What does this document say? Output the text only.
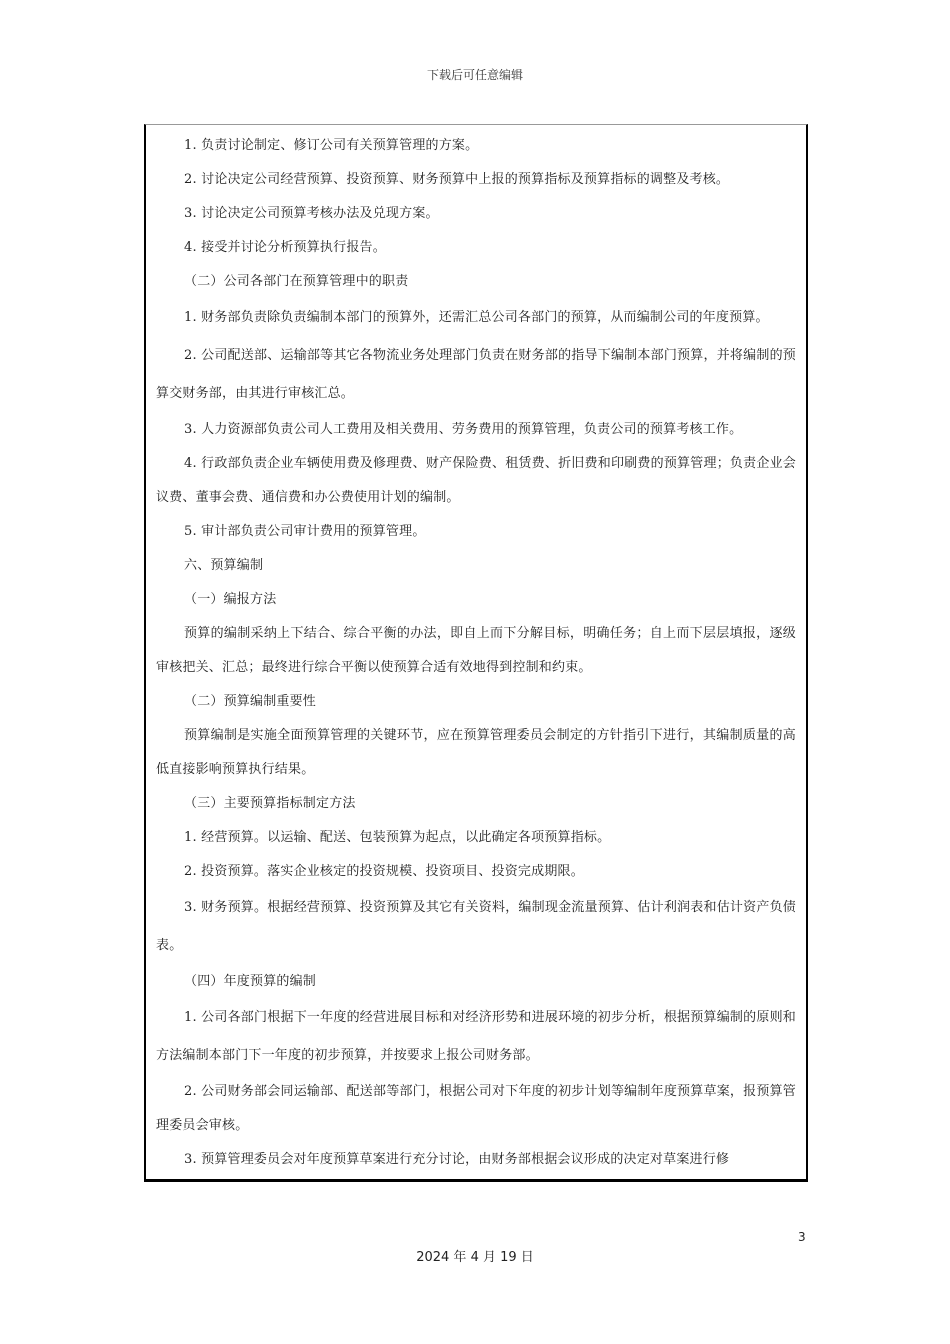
下载后可任意编辑

1. 负责讨论制定、修订公司有关预算管理的方案。

2. 讨论决定公司经营预算、投资预算、财务预算中上报的预算指标及预算指标的调整及考核。

3. 讨论决定公司预算考核办法及兑现方案。

4. 接受并讨论分析预算执行报告。

（二）公司各部门在预算管理中的职责

1. 财务部负责除负责编制本部门的预算外，还需汇总公司各部门的预算，从而编制公司的年度预算。

2. 公司配送部、运输部等其它各物流业务处理部门负责在财务部的指导下编制本部门预算，并将编制的预算交财务部，由其进行审核汇总。

3. 人力资源部负责公司人工费用及相关费用、劳务费用的预算管理，负责公司的预算考核工作。

4. 行政部负责企业车辆使用费及修理费、财产保险费、租赁费、折旧费和印刷费的预算管理；负责企业会议费、董事会费、通信费和办公费使用计划的编制。

5. 审计部负责公司审计费用的预算管理。

六、预算编制

（一）编报方法

预算的编制采纳上下结合、综合平衡的办法，即自上而下分解目标，明确任务；自上而下层层填报，逐级审核把关、汇总；最终进行综合平衡以使预算合适有效地得到控制和约束。

（二）预算编制重要性

预算编制是实施全面预算管理的关键环节，应在预算管理委员会制定的方针指引下进行，其编制质量的高低直接影响预算执行结果。

（三）主要预算指标制定方法

1. 经营预算。以运输、配送、包装预算为起点，以此确定各项预算指标。

2. 投资预算。落实企业核定的投资规模、投资项目、投资完成期限。

3. 财务预算。根据经营预算、投资预算及其它有关资料，编制现金流量预算、估计利润表和估计资产负债表。

（四）年度预算的编制

1. 公司各部门根据下一年度的经营进展目标和对经济形势和进展环境的初步分析，根据预算编制的原则和方法编制本部门下一年度的初步预算，并按要求上报公司财务部。

2. 公司财务部会同运输部、配送部等部门，根据公司对下年度的初步计划等编制年度预算草案，报预算管理委员会审核。

3. 预算管理委员会对年度预算草案进行充分讨论，由财务部根据会议形成的决定对草案进行修

3
2024 年 4 月 19 日
